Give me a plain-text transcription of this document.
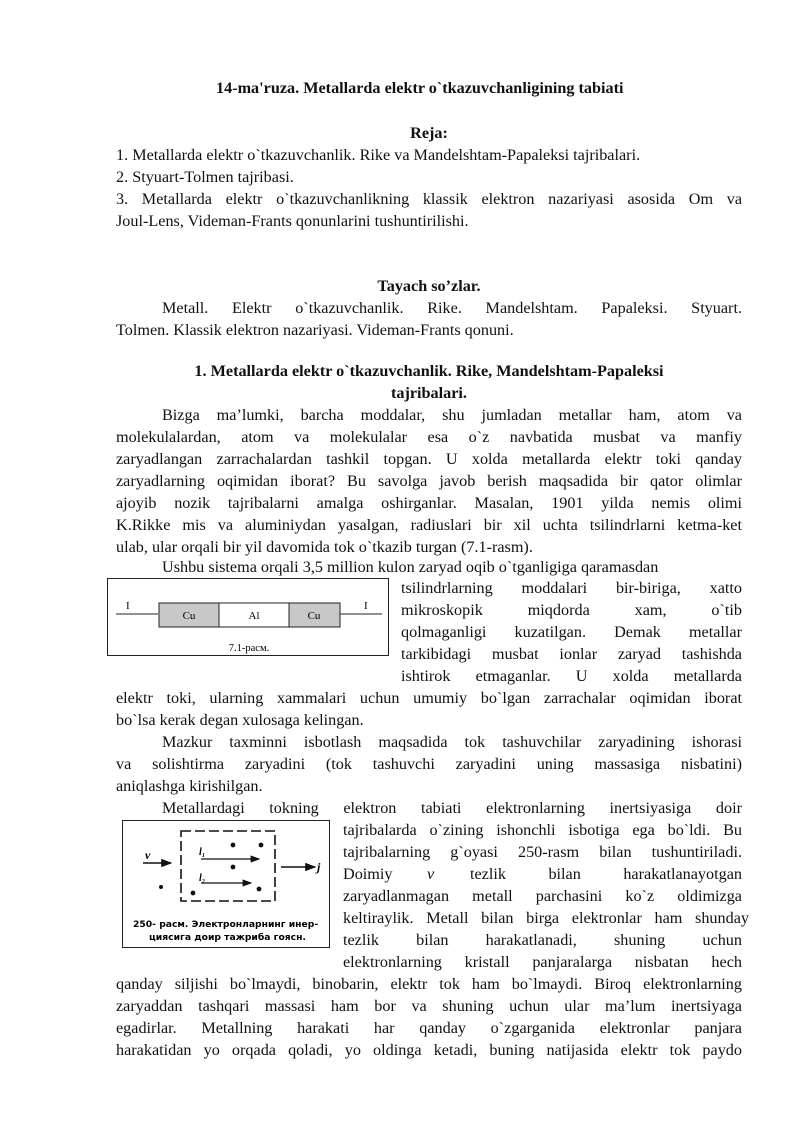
14-ma'ruza. Metallarda elektr o`tkazuvchanligining tabiati
Reja:
1. Metallarda elektr o`tkazuvchanlik. Rike va Mandelshtam-Papaleksi tajribalari.
2. Styuart-Tolmen tajribasi.
3. Metallarda elektr o`tkazuvchanlikning klassik elektron nazariyasi asosida Om va
Joul-Lens, Videman-Frants qonunlarini tushuntirilishi.
Tayach so’zlar.
Metall. Elektr o`tkazuvchanlik. Rike. Mandelshtam. Papaleksi. Styuart.
Tolmen. Klassik elektron nazariyasi. Videman-Frants qonuni.
1. Metallarda elektr o`tkazuvchanlik. Rike, Mandelshtam-Papaleksi
tajribalari.
Bizga ma’lumki, barcha moddalar, shu jumladan metallar ham, atom va
molekulalardan, atom va molekulalar esa o`z navbatida musbat va manfiy
zaryadlangan zarrachalardan tashkil topgan. U xolda metallarda elektr toki qanday
zaryadlarning oqimidan iborat? Bu savolga javob berish maqsadida bir qator olimlar
ajoyib nozik tajribalarni amalga oshirganlar. Masalan, 1901 yilda nemis olimi
K.Rikke mis va aluminiydan yasalgan, radiuslari bir xil uchta tsilindrlarni ketma-ket
ulab, ular orqali bir yil davomida tok o`tkazib turgan (7.1-rasm).
Ushbu sistema orqali 3,5 million kulon zaryad oqib o`tganligiga qaramasdan
tsilindrlarning moddalari bir-biriga, xatto
mikroskopik miqdorda xam, o`tib
qolmaganligi kuzatilgan. Demak metallar
tarkibidagi musbat ionlar zaryad tashishda
ishtirok etmaganlar. U xolda metallarda
elektr toki, ularning xammalari uchun umumiy bo`lgan zarrachalar oqimidan iborat
bo`lsa kerak degan xulosaga kelingan.
I	I
Cu	Al	Cu
7.1-рacм.
Mazkur taxminni isbotlash maqsadida tok tashuvchilar zaryadining ishorasi
va solishtirma zaryadini (tok tashuvchi zaryadini uning massasiga nisbatini)
aniqlashga kirishilgan.
Metallardagi tokning elektron tabiati elektronlarning inertsiyasiga doir
tajribalarda o`zining ishonchli isbotiga ega bo`ldi. Bu
tajribalarning g`oyasi 250-rasm bilan tushuntiriladi.
Doimiy v tezlik bilan harakatlanayotgan
zaryadlanmagan metall parchasini ko`z oldimizga
keltiraylik. Metall bilan birga elektronlar ham shunday
tezlik bilan harakatlanadi, shuning uchun
elektronlarning kristall panjaralarga nisbatan hech
qanday siljishi bo`lmaydi, binobarin, elektr tok ham bo`lmaydi. Biroq elektronlarning
zaryaddan tashqari massasi ham bor va shuning uchun ular ma’lum inertsiyaga
egadirlar. Metallning harakati har qanday o`zgarganida elektronlar panjara
harakatidan yo orqada qoladi, yo oldinga ketadi, buning natijasida elektr tok paydo
v
j
l₁
l₂
250- pacм. Электронларнинг инер-
циясига доир тажриба гоясн.
